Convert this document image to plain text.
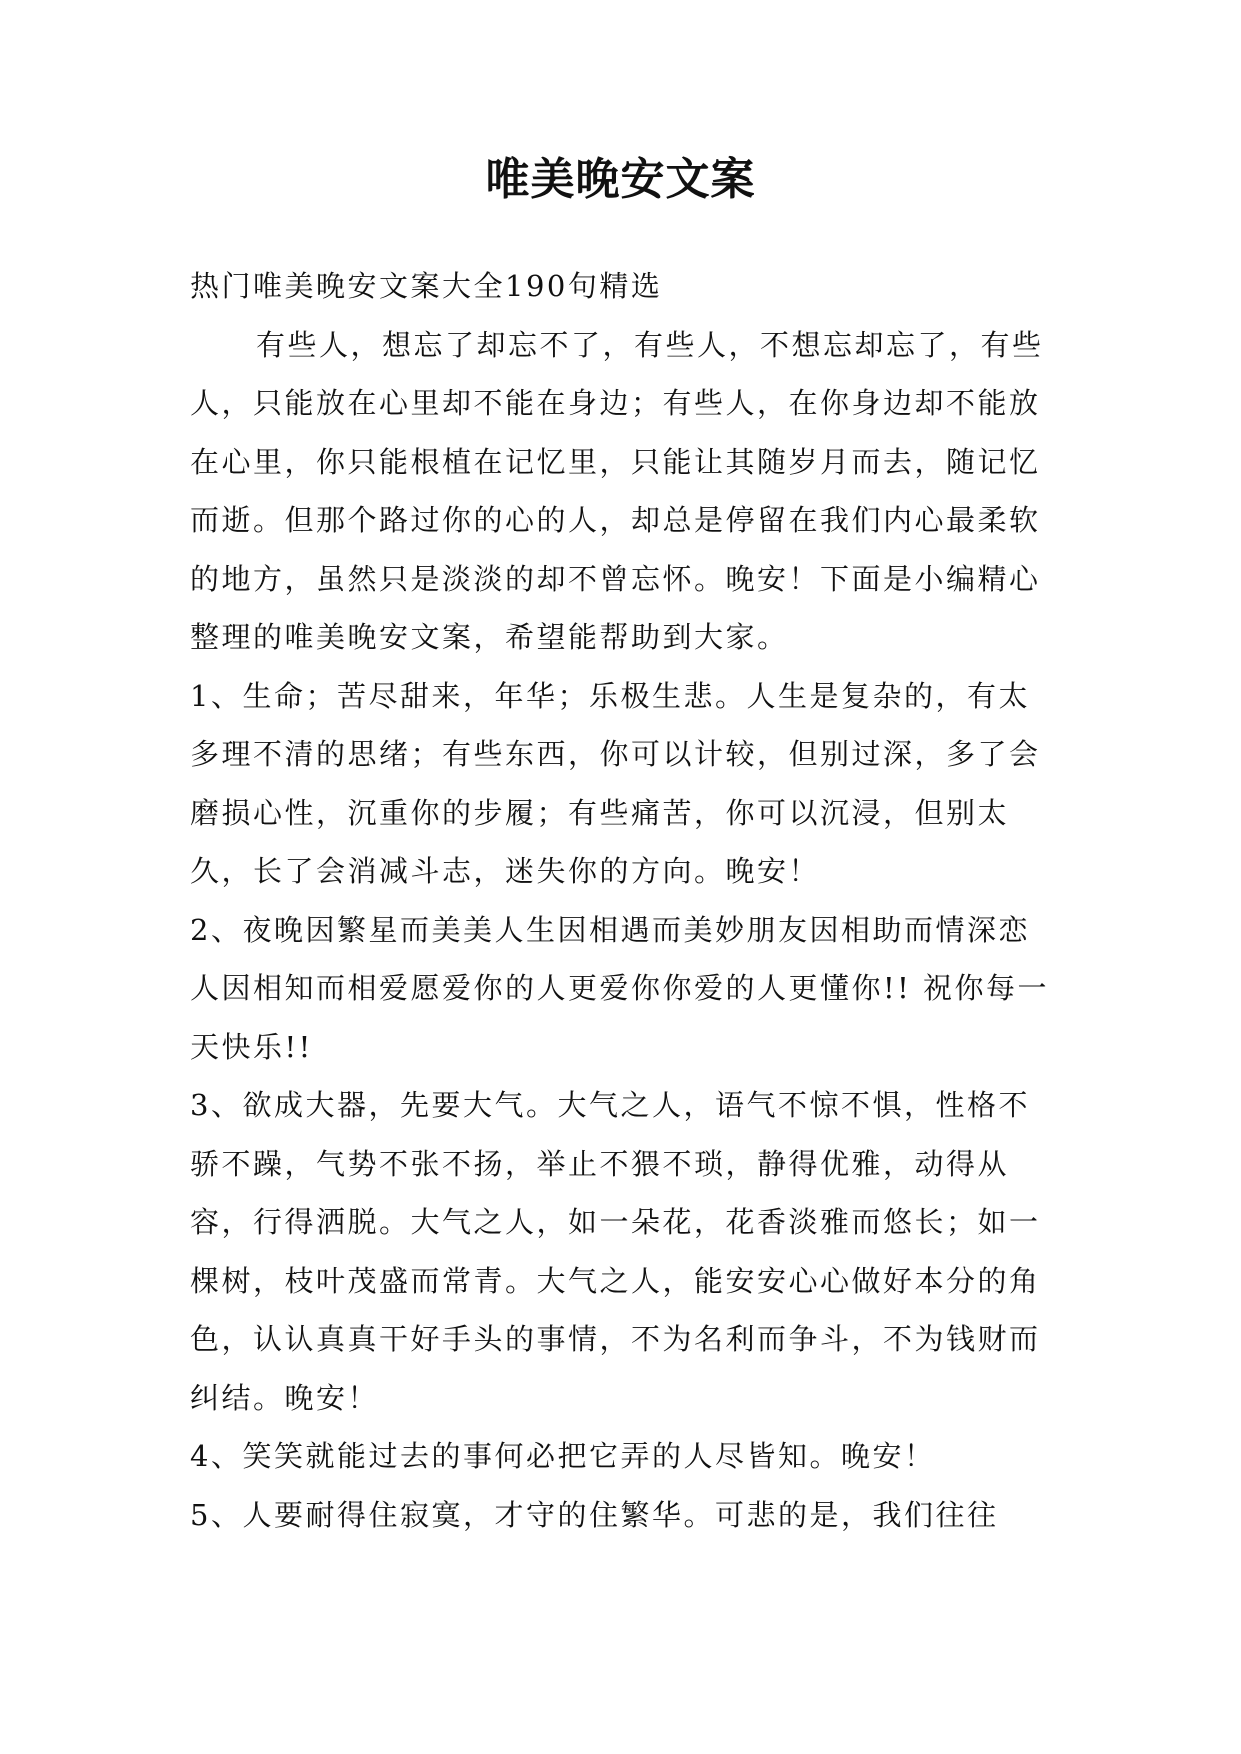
唯美晚安文案

热门唯美晚安文案大全190句精选

有些人，想忘了却忘不了，有些人，不想忘却忘了，有些人，只能放在心里却不能在身边；有些人，在你身边却不能放在心里，你只能根植在记忆里，只能让其随岁月而去，随记忆而逝。但那个路过你的心的人，却总是停留在我们内心最柔软的地方，虽然只是淡淡的却不曾忘怀。晚安！下面是小编精心整理的唯美晚安文案，希望能帮助到大家。

1、生命；苦尽甜来，年华；乐极生悲。人生是复杂的，有太多理不清的思绪；有些东西，你可以计较，但别过深，多了会磨损心性，沉重你的步履；有些痛苦，你可以沉浸，但别太久，长了会消减斗志，迷失你的方向。晚安！

2、夜晚因繁星而美美人生因相遇而美妙朋友因相助而情深恋人因相知而相爱愿爱你的人更爱你你爱的人更懂你!! 祝你每一天快乐!!

3、欲成大器，先要大气。大气之人，语气不惊不惧，性格不骄不躁，气势不张不扬，举止不猥不琐，静得优雅，动得从容，行得洒脱。大气之人，如一朵花，花香淡雅而悠长；如一棵树，枝叶茂盛而常青。大气之人，能安安心心做好本分的角色，认认真真干好手头的事情，不为名利而争斗，不为钱财而纠结。晚安！

4、笑笑就能过去的事何必把它弄的人尽皆知。晚安！

5、人要耐得住寂寞，才守的住繁华。可悲的是，我们往往
